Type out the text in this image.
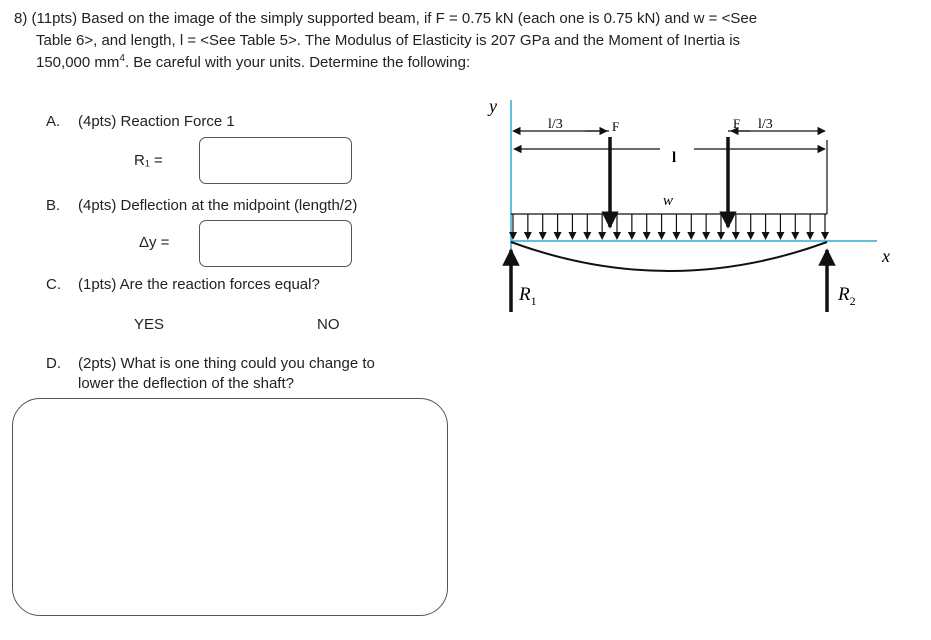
8) (11pts) Based on the image of the simply supported beam, if F = 0.75 kN (each one is 0.75 kN) and w = <See
Table 6>, and length, l = <See Table 5>. The Modulus of Elasticity is 207 GPa and the Moment of Inertia is
150,000 $mm^4$. Be careful with your units. Determine the following:
A. (4pts) Reaction Force 1
R₁ =
B. (4pts) Deflection at the midpoint (length/2)
Δy =
C. (1pts) Are the reaction forces equal?
YES	NO
D. (2pts) What is one thing could you change to
lower the deflection of the shaft?
y
x
l/3	F	F l/3
l
w
$R_1$	$R_2$
